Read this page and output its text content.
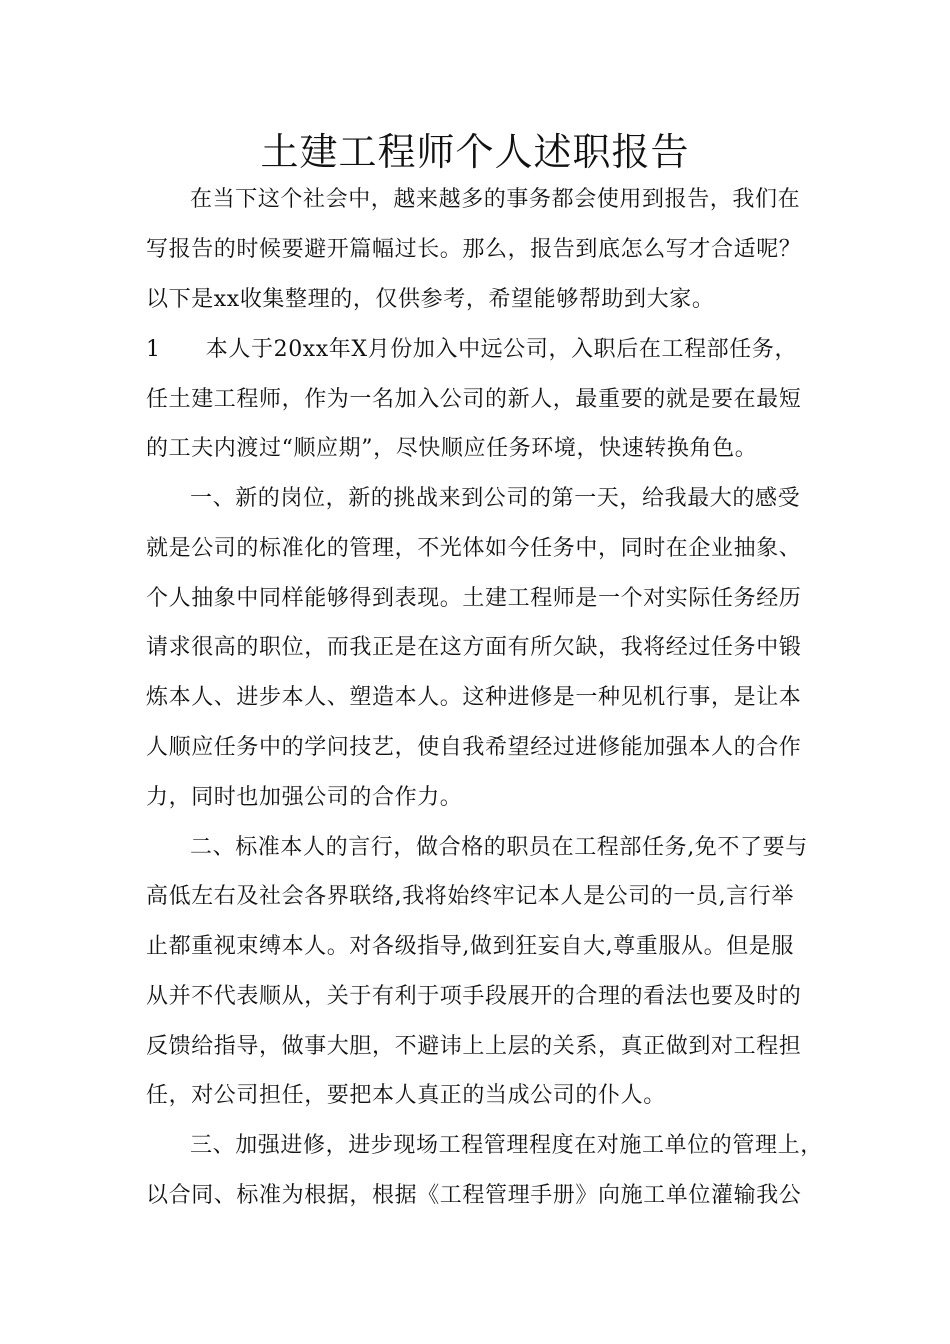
土建工程师个人述职报告
在当下这个社会中，越来越多的事务都会使用到报告，我们在
写报告的时候要避开篇幅过长。那么，报告到底怎么写才合适呢？
以下是xx收集整理的，仅供参考，希望能够帮助到大家。
1　　本人于20xx年X月份加入中远公司，入职后在工程部任务，
任土建工程师，作为一名加入公司的新人，最重要的就是要在最短
的工夫内渡过“顺应期”，尽快顺应任务环境，快速转换角色。
一、新的岗位，新的挑战来到公司的第一天，给我最大的感受
就是公司的标准化的管理，不光体如今任务中，同时在企业抽象、
个人抽象中同样能够得到表现。土建工程师是一个对实际任务经历
请求很高的职位，而我正是在这方面有所欠缺，我将经过任务中锻
炼本人、进步本人、塑造本人。这种进修是一种见机行事，是让本
人顺应任务中的学问技艺，使自我希望经过进修能加强本人的合作
力，同时也加强公司的合作力。
二、标准本人的言行，做合格的职员在工程部任务,免不了要与
高低左右及社会各界联络,我将始终牢记本人是公司的一员,言行举
止都重视束缚本人。对各级指导,做到狂妄自大,尊重服从。但是服
从并不代表顺从，关于有利于项手段展开的合理的看法也要及时的
反馈给指导，做事大胆，不避讳上上层的关系，真正做到对工程担
任，对公司担任，要把本人真正的当成公司的仆人。
三、加强进修，进步现场工程管理程度在对施工单位的管理上，
以合同、标准为根据，根据《工程管理手册》向施工单位灌输我公
